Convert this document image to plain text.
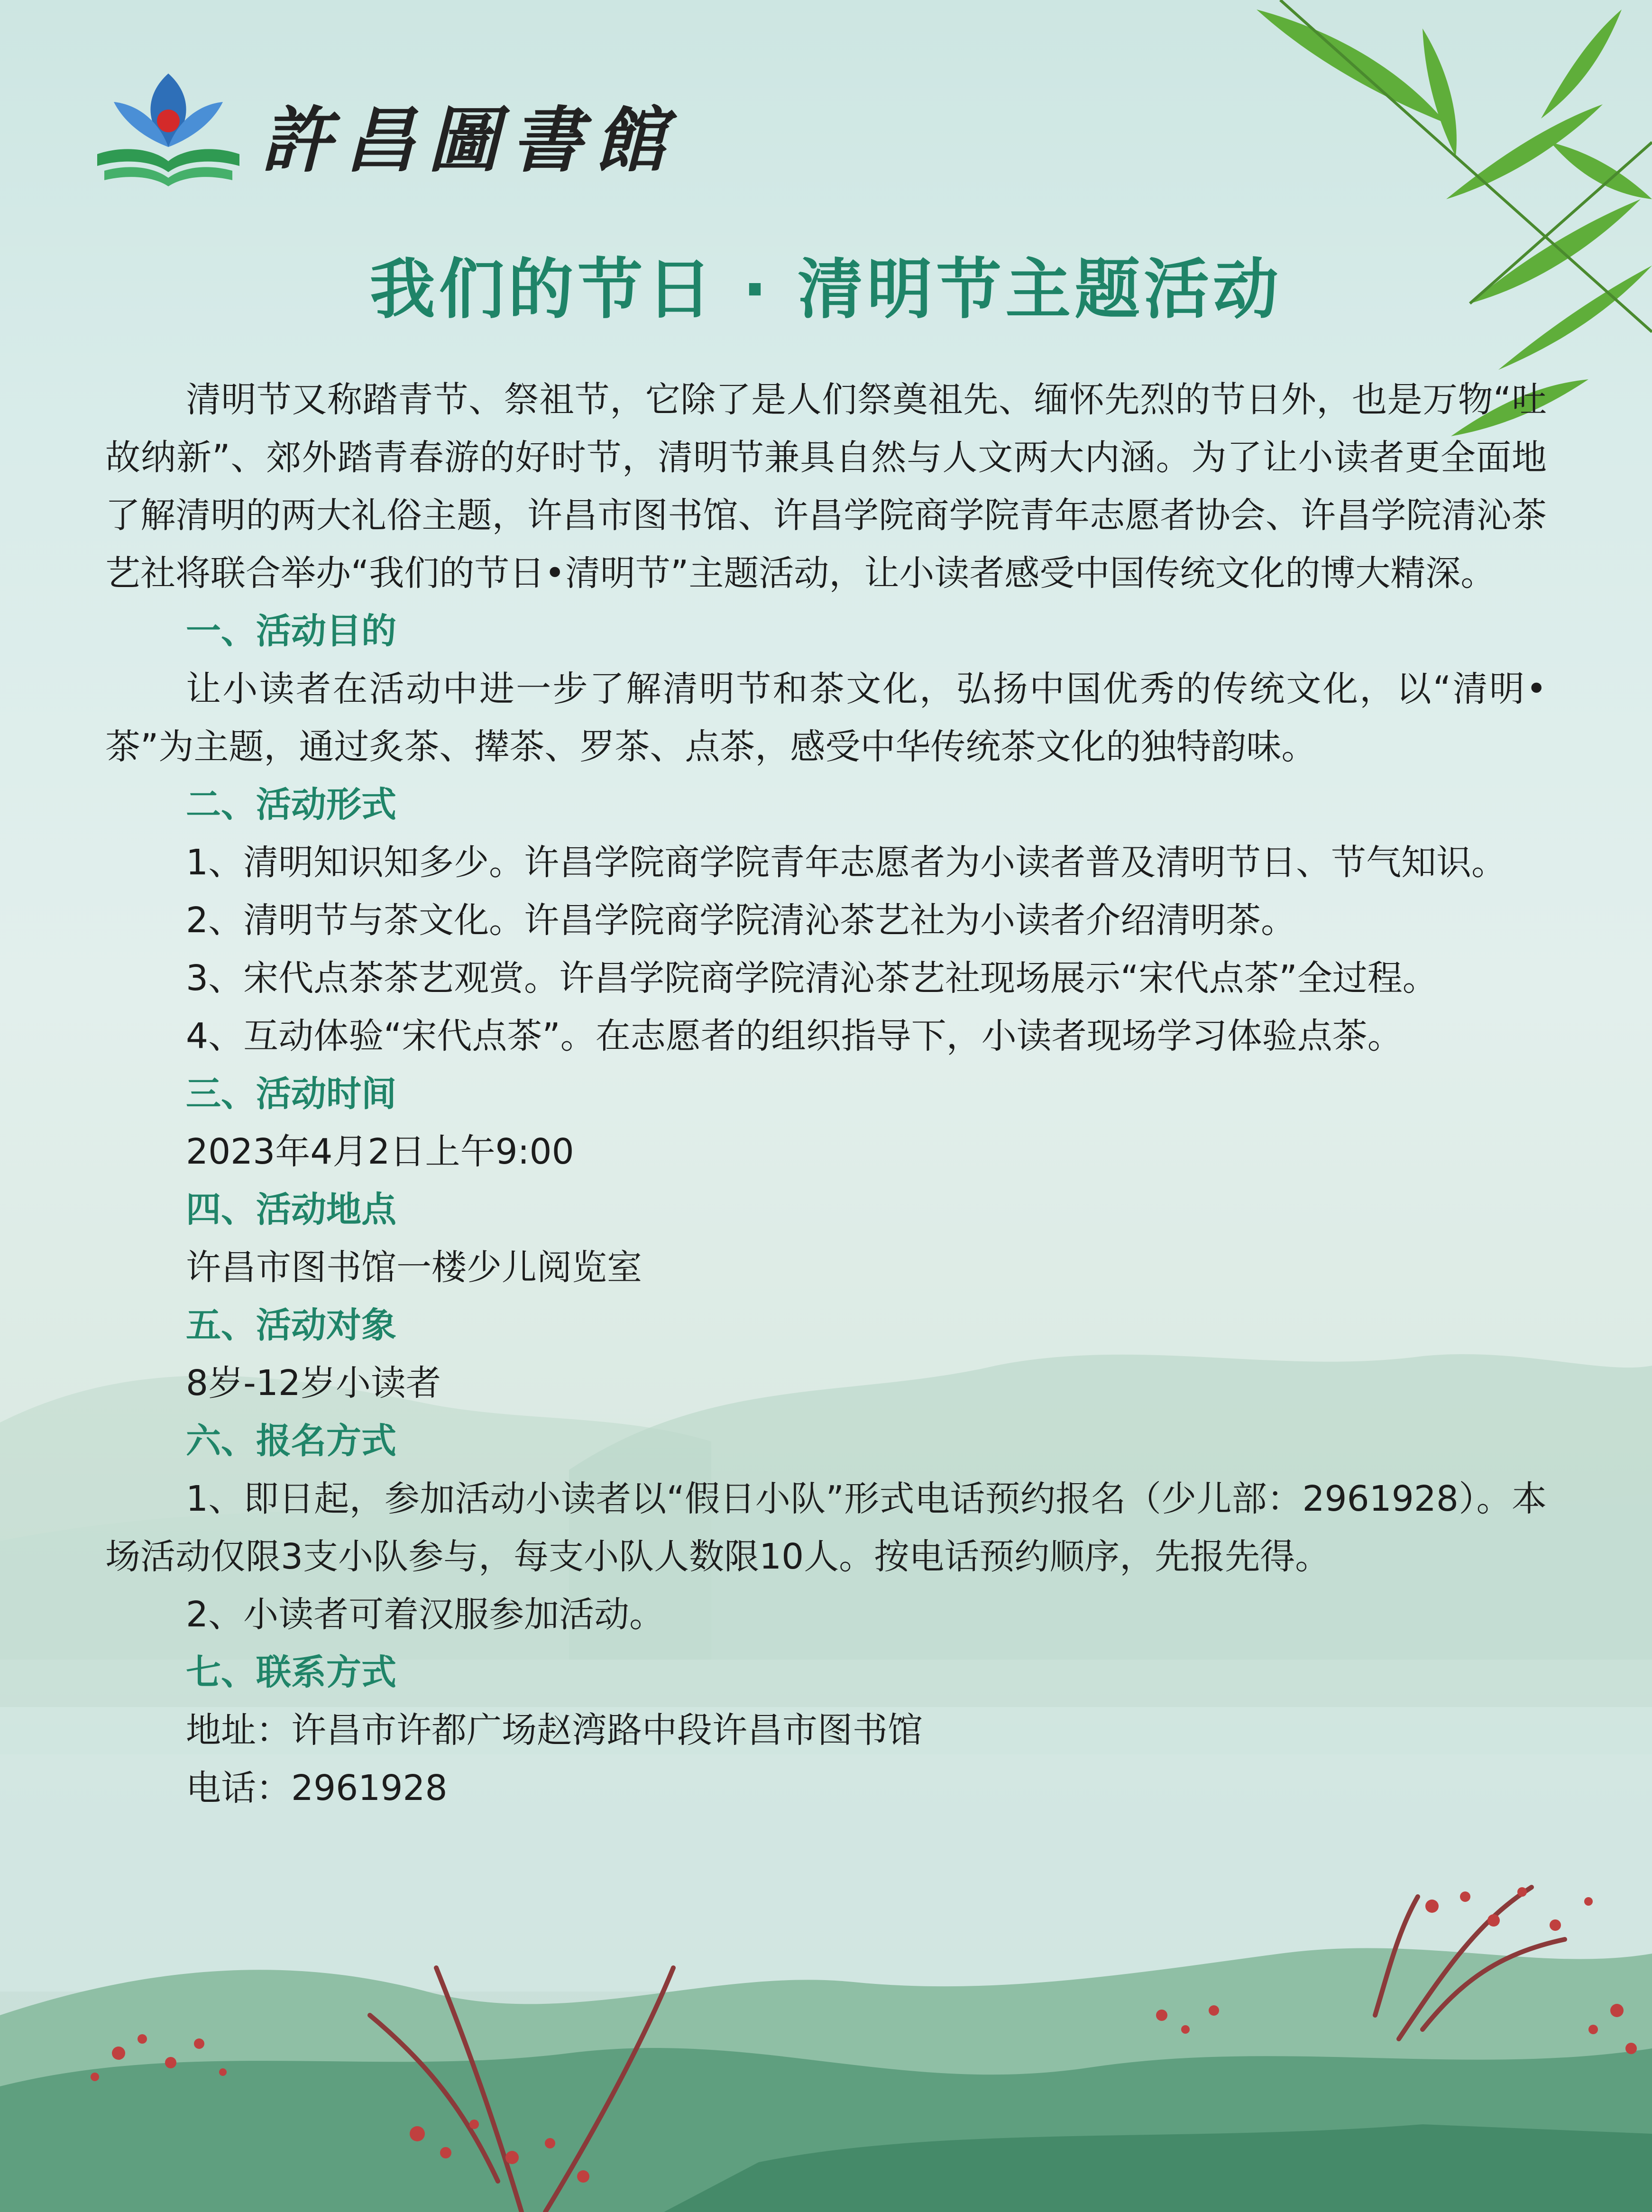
許昌圖書館
我们的节日 · 清明节主题活动

清明节又称踏青节、祭祖节，它除了是人们祭奠祖先、缅怀先烈的节日外，也是万物“吐故纳新”、郊外踏青春游的好时节，清明节兼具自然与人文两大内涵。为了让小读者更全面地了解清明的两大礼俗主题，许昌市图书馆、许昌学院商学院青年志愿者协会、许昌学院清沁茶艺社将联合举办“我们的节日•清明节”主题活动，让小读者感受中国传统文化的博大精深。

一、活动目的

让小读者在活动中进一步了解清明节和茶文化，弘扬中国优秀的传统文化，以“清明•茶”为主题，通过炙茶、撵茶、罗茶、点茶，感受中华传统茶文化的独特韵味。

二、活动形式

1、清明知识知多少。许昌学院商学院青年志愿者为小读者普及清明节日、节气知识。

2、清明节与茶文化。许昌学院商学院清沁茶艺社为小读者介绍清明茶。

3、宋代点茶茶艺观赏。许昌学院商学院清沁茶艺社现场展示“宋代点茶”全过程。

4、互动体验“宋代点茶”。在志愿者的组织指导下，小读者现场学习体验点茶。

三、活动时间

2023年4月2日上午9:00

四、活动地点

许昌市图书馆一楼少儿阅览室

五、活动对象

8岁-12岁小读者

六、报名方式

1、即日起，参加活动小读者以“假日小队”形式电话预约报名（少儿部：2961928）。本场活动仅限3支小队参与，每支小队人数限10人。按电话预约顺序，先报先得。

2、小读者可着汉服参加活动。

七、联系方式

地址：许昌市许都广场赵湾路中段许昌市图书馆

电话：2961928
